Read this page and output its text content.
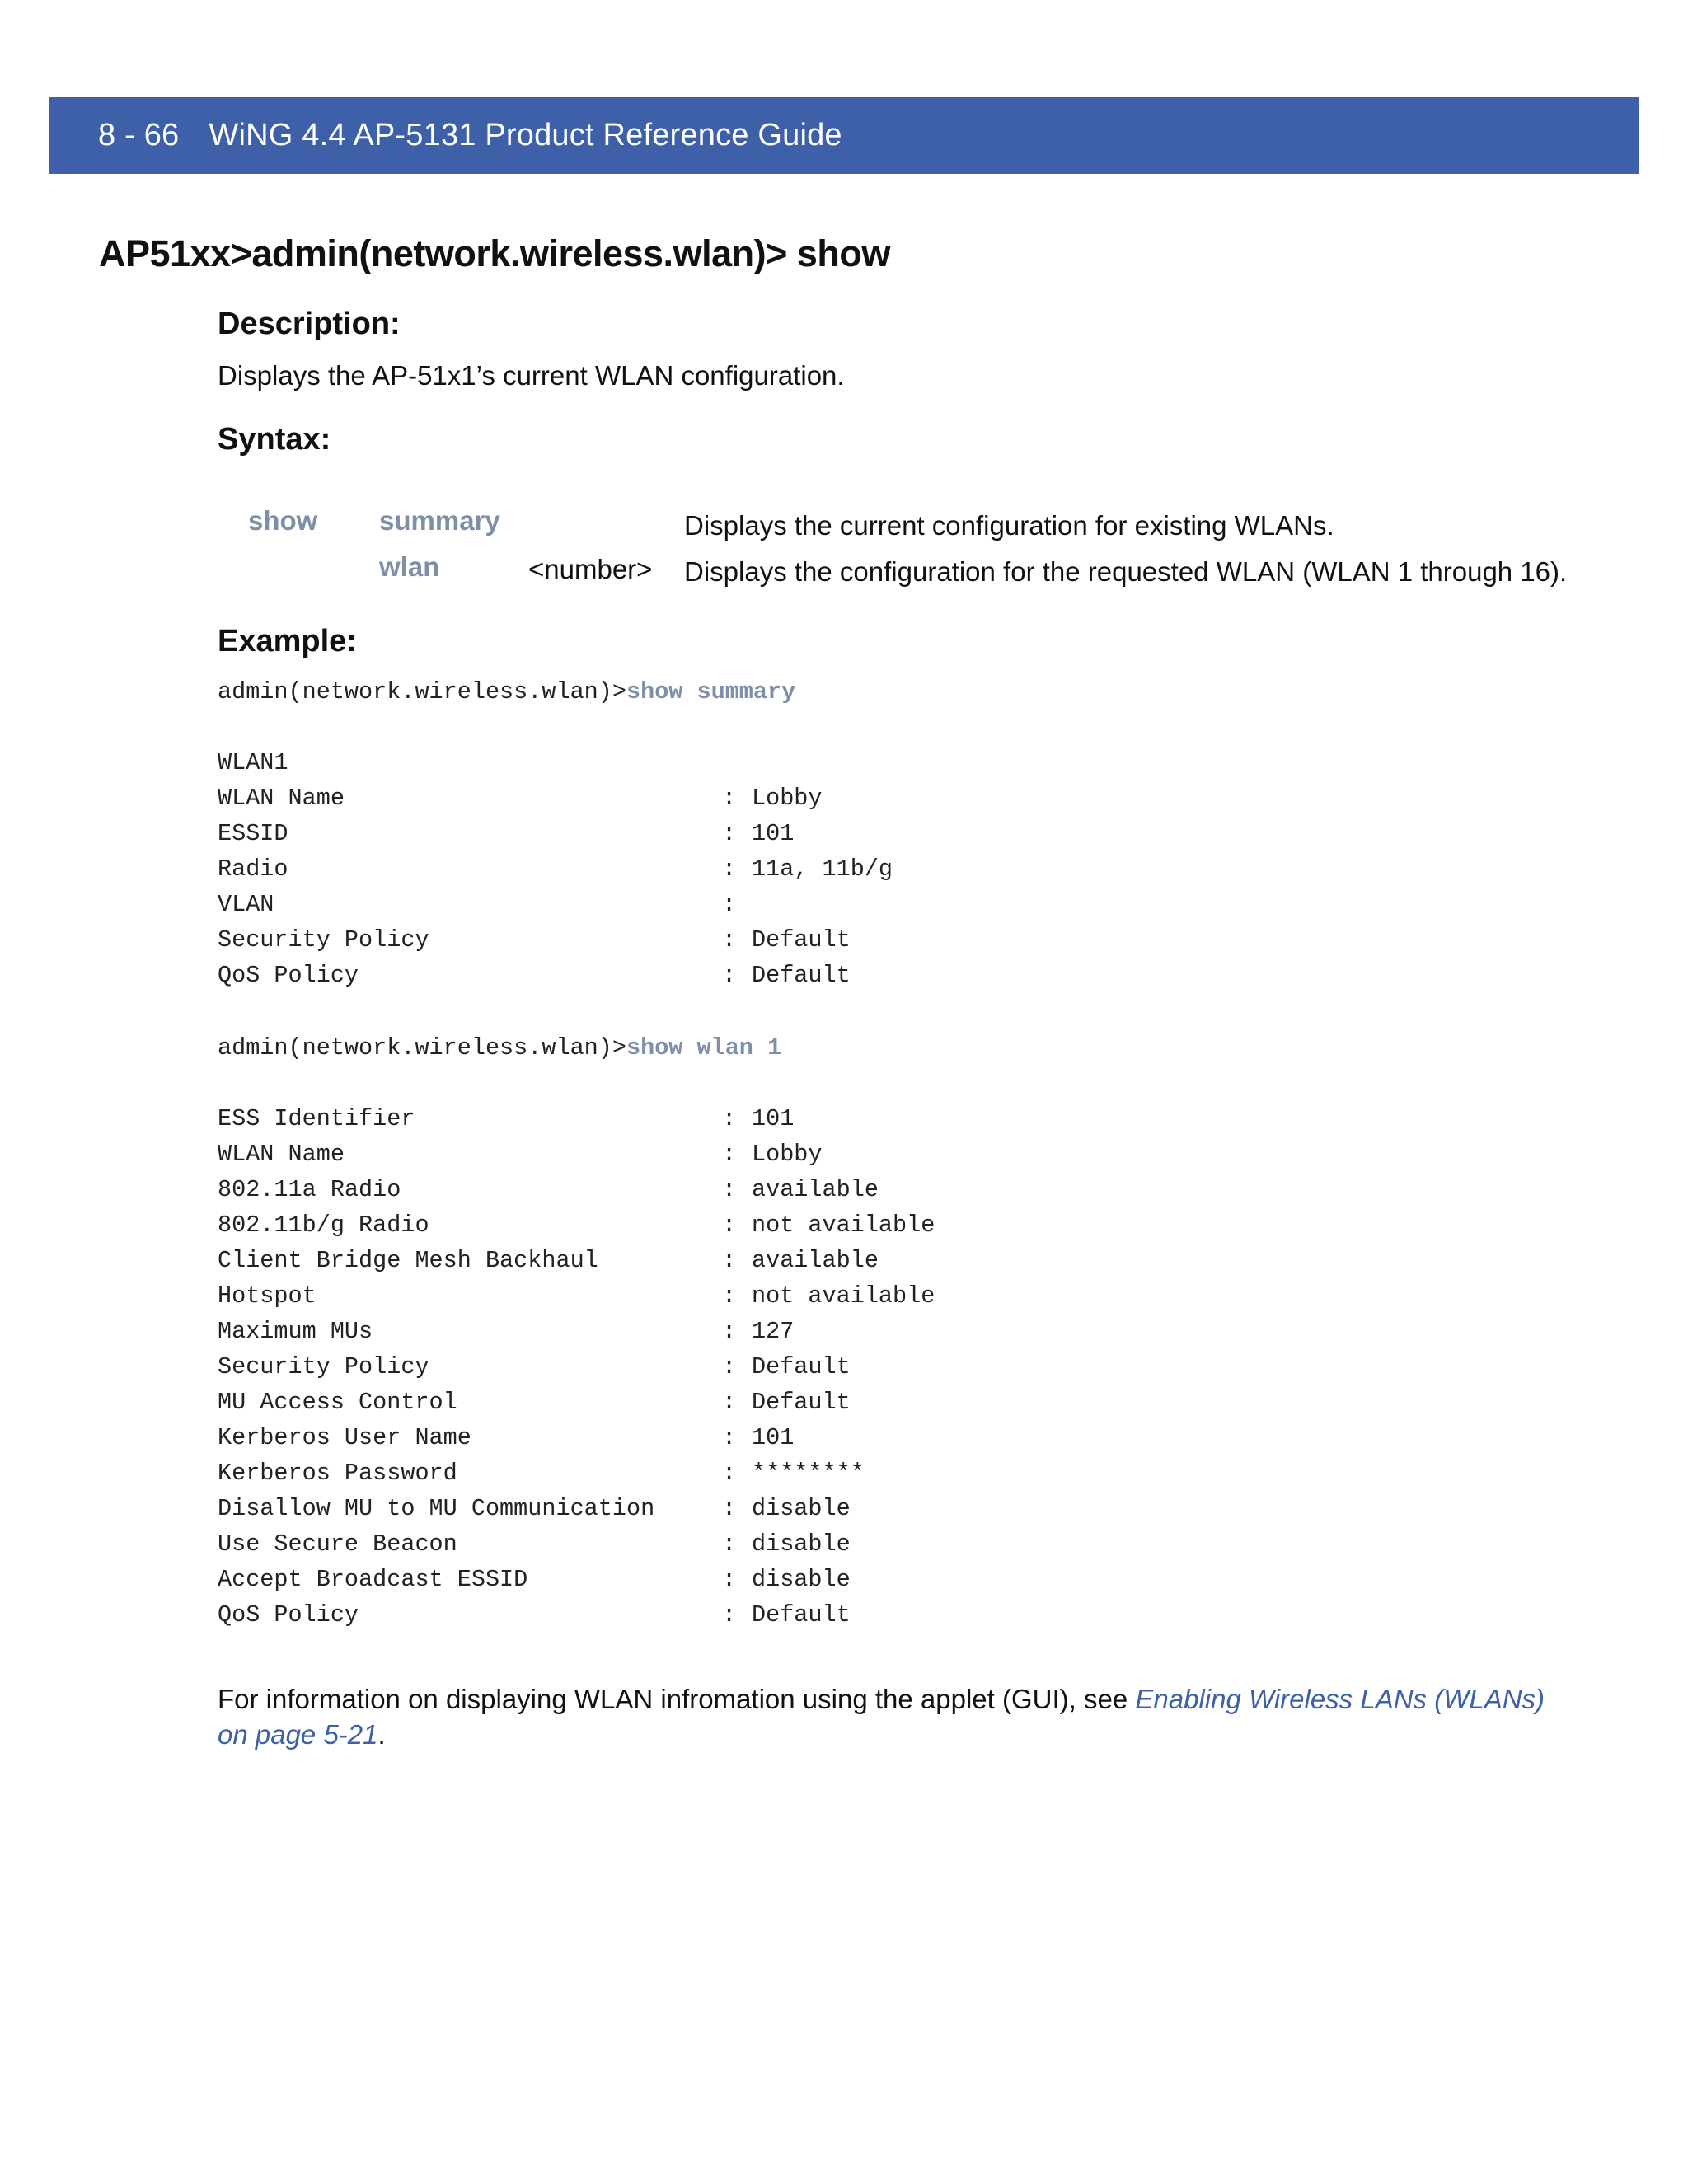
8 - 66 WiNG 4.4 AP-5131 Product Reference Guide
AP51xx>admin(network.wireless.wlan)> show
Description:

Displays the AP-51x1’s current WLAN configuration.

Syntax:
show summary	Displays the current configuration for existing WLANs.
wlan	<number> Displays the configuration for the requested WLAN (WLAN 1 through 16).
Example:
admin(network.wireless.wlan)>show summary
WLAN1
WLAN Name	: Lobby
ESSID	: 101
Radio	: 11a, 11b/g
VLAN	:
Security Policy	: Default
QoS Policy	: Default
admin(network.wireless.wlan)>show wlan 1
ESS Identifier	: 101
WLAN Name	: Lobby
802.11a Radio	: available
802.11b/g Radio	: not available
Client Bridge Mesh Backhaul	: available
Hotspot	: not available
Maximum MUs	: 127
Security Policy	: Default
MU Access Control	: Default
Kerberos User Name	: 101
Kerberos Password	: ********
Disallow MU to MU Communication	: disable
Use Secure Beacon	: disable
Accept Broadcast ESSID	: disable
QoS Policy	: Default

For information on displaying WLAN infromation using the applet (GUI), see Enabling Wireless LANs (WLANs) on page 5-21.
